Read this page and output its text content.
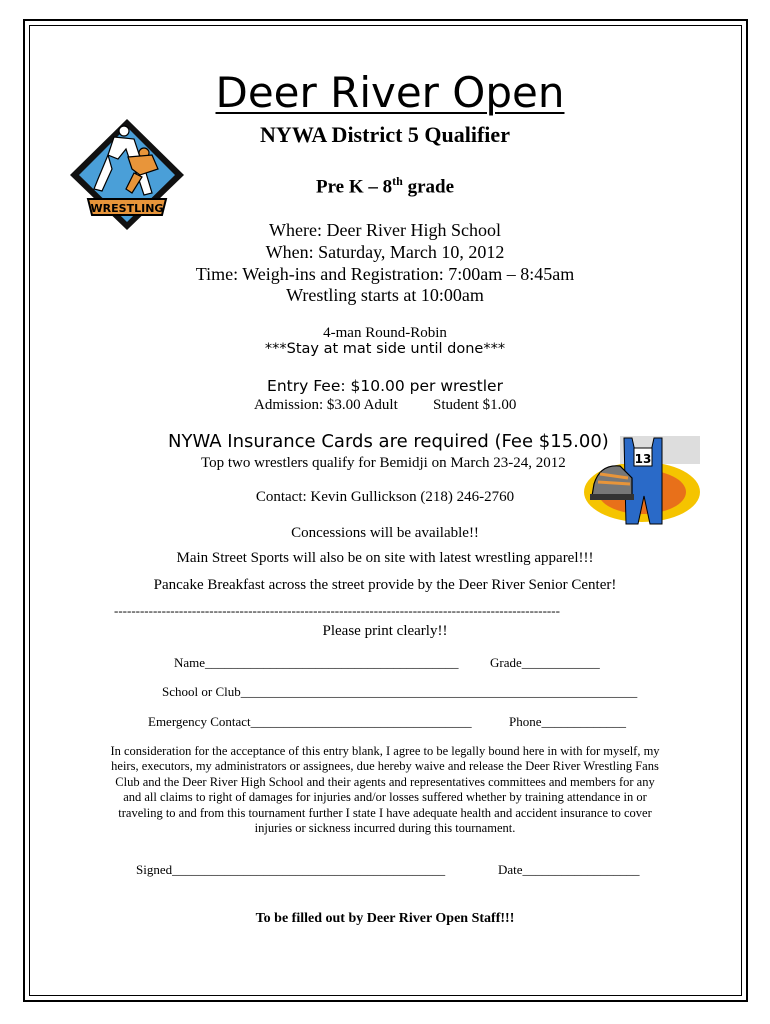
WRESTLING
13
Deer River Open
NYWA District 5 Qualifier
Pre K – 8th grade
Where: Deer River High School
When: Saturday, March 10, 2012
Time: Weigh-ins and Registration: 7:00am – 8:45am
Wrestling starts at 10:00am
4-man Round-Robin
***Stay at mat side until done***
Entry Fee: $10.00 per wrestler
Admission: $3.00 Adult Student $1.00
NYWA Insurance Cards are required (Fee $15.00)
Top two wrestlers qualify for Bemidji on March 23-24, 2012
Contact: Kevin Gullickson (218) 246-2760
Concessions will be available!!
Main Street Sports will also be on site with latest wrestling apparel!!!
Pancake Breakfast across the street provide by the Deer River Senior Center!
-------------------------------------------------------------------------------------------------------
Please print clearly!!
Name_______________________________________ Grade____________
School or Club_____________________________________________________________
Emergency Contact__________________________________	Phone_____________
In consideration for the acceptance of this entry blank, I agree to be legally bound here in with for myself, my heirs, executors, my administrators or assignees, due hereby waive and release the Deer River Wrestling Fans Club and the Deer River High School and their agents and representatives committees and members for any and all claims to right of damages for injuries and/or losses suffered whether by training attendance in or traveling to and from this tournament further I state I have adequate health and accident insurance to cover injuries or sickness incurred during this tournament.
Signed__________________________________________	Date__________________
To be filled out by Deer River Open Staff!!!
